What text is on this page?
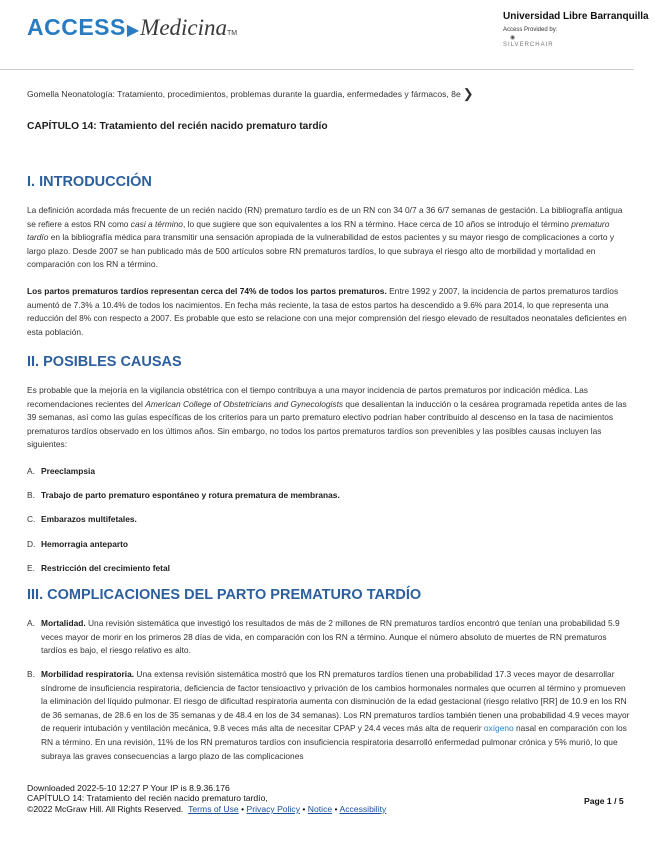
ACCESS▶MedicinaTM
Universidad Libre Barranquilla
Access Provided by:
◉
SILVERCHAIR
Gomella Neonatología: Tratamiento, procedimientos, problemas durante la guardia, enfermedades y fármacos, 8e ❯
CAPÍTULO 14: Tratamiento del recién nacido prematuro tardío
I. INTRODUCCIÓN
La definición acordada más frecuente de un recién nacido (RN) prematuro tardío es de un RN con 34 0/7 a 36 6/7 semanas de gestación. La bibliografía antigua se refiere a estos RN como casi a término, lo que sugiere que son equivalentes a los RN a término. Hace cerca de 10 años se introdujo el término prematuro tardío en la bibliografía médica para transmitir una sensación apropiada de la vulnerabilidad de estos pacientes y su mayor riesgo de complicaciones a corto y largo plazo. Desde 2007 se han publicado más de 500 artículos sobre RN prematuros tardíos, lo que subraya el riesgo alto de morbilidad y mortalidad en comparación con los RN a término.
Los partos prematuros tardíos representan cerca del 74% de todos los partos prematuros. Entre 1992 y 2007, la incidencia de partos prematuros tardíos aumentó de 7.3% a 10.4% de todos los nacimientos. En fecha más reciente, la tasa de estos partos ha descendido a 9.6% para 2014, lo que representa una reducción del 8% con respecto a 2007. Es probable que esto se relacione con una mejor comprensión del riesgo elevado de resultados neonatales deficientes en esta población.
II. POSIBLES CAUSAS
Es probable que la mejoría en la vigilancia obstétrica con el tiempo contribuya a una mayor incidencia de partos prematuros por indicación médica. Las recomendaciones recientes del American College of Obstetricians and Gynecologists que desalientan la inducción o la cesárea programada repetida antes de las 39 semanas, así como las guías específicas de los criterios para un parto prematuro electivo podrían haber contribuido al descenso en la tasa de nacimientos prematuros tardíos observado en los últimos años. Sin embargo, no todos los partos prematuros tardíos son prevenibles y las posibles causas incluyen las siguientes:
A. Preeclampsia
B. Trabajo de parto prematuro espontáneo y rotura prematura de membranas.
C. Embarazos multifetales.
D. Hemorragia anteparto
E. Restricción del crecimiento fetal
III. COMPLICACIONES DEL PARTO PREMATURO TARDÍO
A. Mortalidad. Una revisión sistemática que investigó los resultados de más de 2 millones de RN prematuros tardíos encontró que tenían una probabilidad 5.9 veces mayor de morir en los primeros 28 días de vida, en comparación con los RN a término. Aunque el número absoluto de muertes de RN prematuros tardíos es bajo, el riesgo relativo es alto.
B. Morbilidad respiratoria. Una extensa revisión sistemática mostró que los RN prematuros tardíos tienen una probabilidad 17.3 veces mayor de desarrollar síndrome de insuficiencia respiratoria, deficiencia de factor tensioactivo y privación de los cambios hormonales normales que ocurren al término y promueven la eliminación del líquido pulmonar. El riesgo de dificultad respiratoria aumenta con disminución de la edad gestacional (riesgo relativo [RR] de 10.9 en los RN de 36 semanas, de 28.6 en los de 35 semanas y de 48.4 en los de 34 semanas). Los RN prematuros tardíos también tienen una probabilidad 4.9 veces mayor de requerir intubación y ventilación mecánica, 9.8 veces más alta de necesitar CPAP y 24.4 veces más alta de requerir oxígeno nasal en comparación con los RN a término. En una revisión, 11% de los RN prematuros tardíos con insuficiencia respiratoria desarrolló enfermedad pulmonar crónica y 5% murió, lo que subraya las graves consecuencias a largo plazo de las complicaciones
Downloaded 2022-5-10 12:27 P Your IP is 8.9.36.176
CAPÍTULO 14: Tratamiento del recién nacido prematuro tardío,
©2022 McGraw Hill. All Rights Reserved. Terms of Use • Privacy Policy • Notice • Accessibility
Page 1 / 5
